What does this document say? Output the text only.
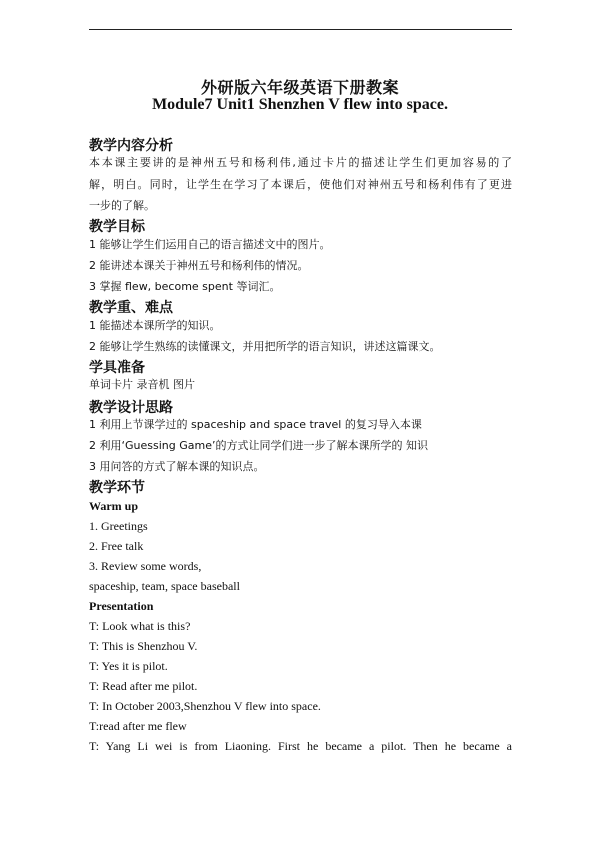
外研版六年级英语下册教案
Module7 Unit1 Shenzhen V flew into space.
教学内容分析
本本课主要讲的是神州五号和杨利伟,通过卡片的描述让学生们更加容易的了
解，明白。同时，让学生在学习了本课后，使他们对神州五号和杨利伟有了更进
一步的了解。
教学目标
1 能够让学生们运用自己的语言描述文中的图片。
2 能讲述本课关于神州五号和杨利伟的情况。
3 掌握 flew, become spent 等词汇。
教学重、难点
1 能描述本课所学的知识。
2 能够让学生熟练的读懂课文，并用把所学的语言知识，讲述这篇课文。
学具准备
单词卡片 录音机 图片
教学设计思路
1 利用上节课学过的 spaceship and space travel 的复习导入本课
2 利用‘Guessing Game’的方式让同学们进一步了解本课所学的 知识
3 用问答的方式了解本课的知识点。
教学环节
Warm up
1. Greetings
2. Free talk
3. Review some words,
spaceship, team, space baseball
Presentation
T: Look what is this?
T: This is Shenzhou V.
T: Yes it is pilot.
T: Read after me pilot.
T: In October 2003,Shenzhou V flew into space.
T:read after me flew
T: Yang Li wei is from Liaoning. First he became a pilot. Then he became a
